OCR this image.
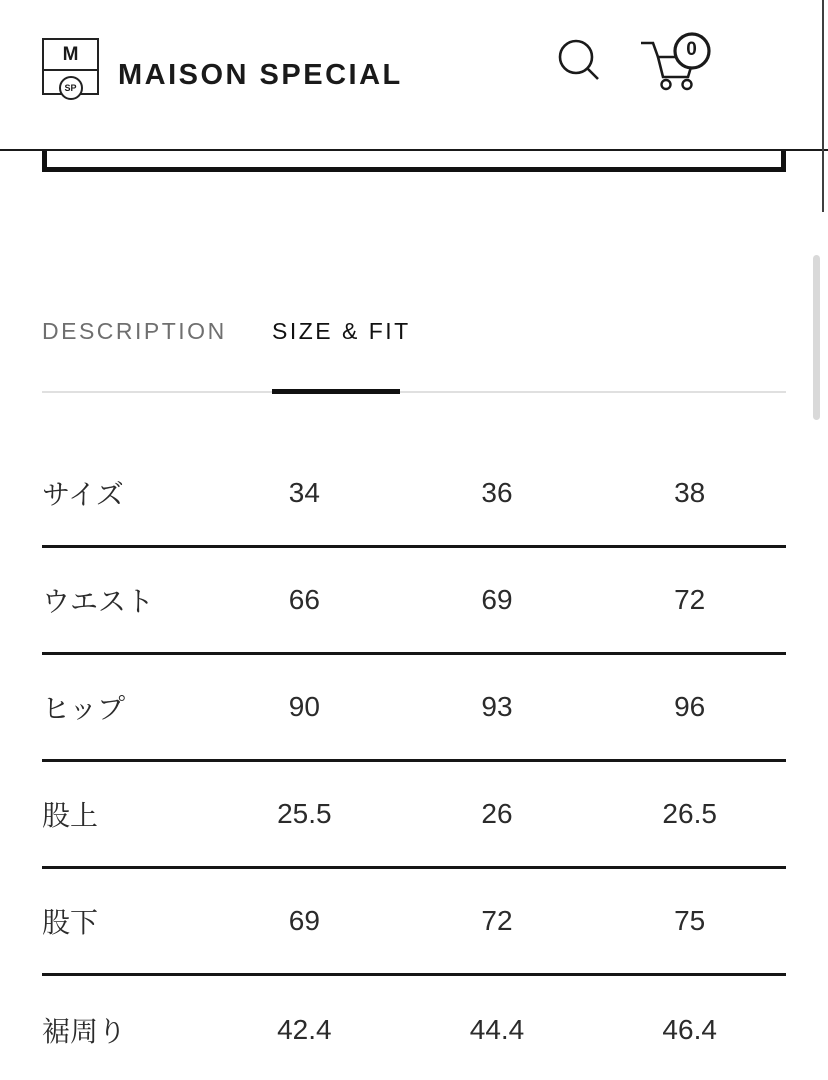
M
SP MAISON SPECIAL
0
DESCRIPTION SIZE & FIT
サイズ	34	36	38
ウエスト	66	69	72
ヒップ	90	93	96
股上	25.5	26	26.5
股下	69	72	75
裾周り	42.4	44.4	46.4
